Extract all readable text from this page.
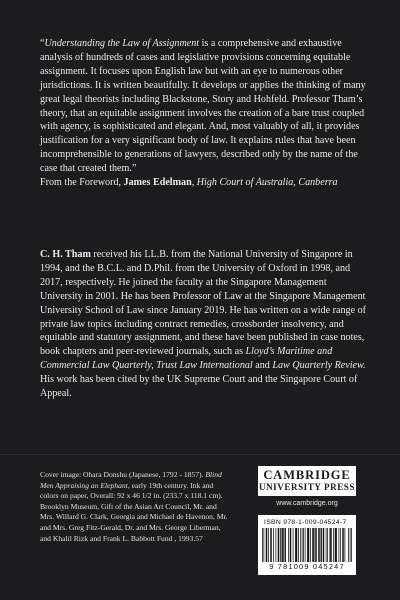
“Understanding the Law of Assignment is a comprehensive and exhaustive analysis of hundreds of cases and legislative provisions concerning equitable assignment. It focuses upon English law but with an eye to numerous other jurisdictions. It is written beautifully. It develops or applies the thinking of many great legal theorists including Blackstone, Story and Hohfeld. Professor Tham’s theory, that an equitable assignment involves the creation of a bare trust coupled with agency, is sophisticated and elegant. And, most valuably of all, it provides justification for a very significant body of law. It explains rules that have been incomprehensible to generations of lawyers, described only by the name of the case that created them.”

From the Foreword, James Edelman, High Court of Australia, Canberra

C. H. Tham received his LL.B. from the National University of Singapore in 1994, and the B.C.L. and D.Phil. from the University of Oxford in 1998, and 2017, respectively. He joined the faculty at the Singapore Management University in 2001. He has been Professor of Law at the Singapore Management University School of Law since January 2019. He has written on a wide range of private law topics including contract remedies, crossborder insolvency, and equitable and statutory assignment, and these have been published in case notes, book chapters and peer-reviewed journals, such as Lloyd’s Maritime and Commercial Law Quarterly, Trust Law International and Law Quarterly Review. His work has been cited by the UK Supreme Court and the Singapore Court of Appeal.

Cover image: Ohara Donshu (Japanese, 1792 - 1857). Blind Men Appraising an Elephant, early 19th century. Ink and colors on paper, Overall: 92 x 46 1/2 in. (233.7 x 118.1 cm). Brooklyn Museum, Gift of the Asian Art Council, Mr. and Mrs. Willard G. Clark, Georgia and Michael de Havenon, Mr. and Mrs. Greg Fitz-Gerald, Dr. and Mrs. George Liberman, and Khalil Rizk and Frank L. Babbott Fund , 1993.57

CAMBRIDGE
UNIVERSITY PRESS
www.cambridge.org
ISBN 978-1-009-04524-7
9 781009 045247
